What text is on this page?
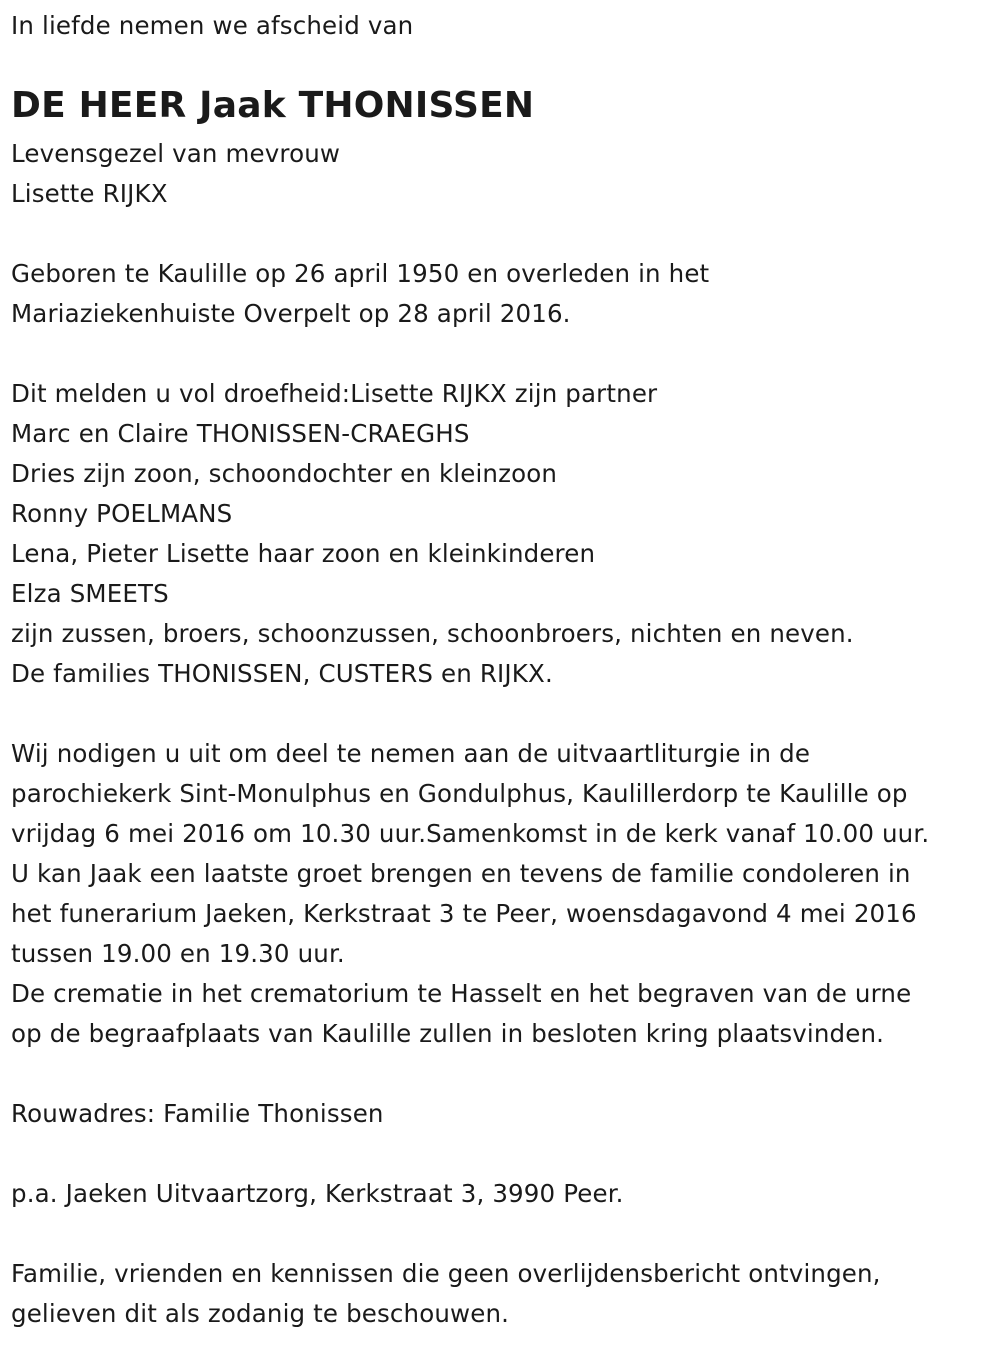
In liefde nemen we afscheid van
DE HEER Jaak THONISSEN
Levensgezel van mevrouw
Lisette RIJKX
Geboren te Kaulille op 26 april 1950 en overleden in het
Mariaziekenhuiste Overpelt op 28 april 2016.
Dit melden u vol droefheid:Lisette RIJKX zijn partner
Marc en Claire THONISSEN-CRAEGHS
Dries zijn zoon, schoondochter en kleinzoon
Ronny POELMANS
Lena, Pieter Lisette haar zoon en kleinkinderen
Elza SMEETS
zijn zussen, broers, schoonzussen, schoonbroers, nichten en neven.
De families THONISSEN, CUSTERS en RIJKX.
Wij nodigen u uit om deel te nemen aan de uitvaartliturgie in de
parochiekerk Sint-Monulphus en Gondulphus, Kaulillerdorp te Kaulille op
vrijdag 6 mei 2016 om 10.30 uur.Samenkomst in de kerk vanaf 10.00 uur.
U kan Jaak een laatste groet brengen en tevens de familie condoleren in
het funerarium Jaeken, Kerkstraat 3 te Peer, woensdagavond 4 mei 2016
tussen 19.00 en 19.30 uur.
De crematie in het crematorium te Hasselt en het begraven van de urne
op de begraafplaats van Kaulille zullen in besloten kring plaatsvinden.
Rouwadres: Familie Thonissen
p.a. Jaeken Uitvaartzorg, Kerkstraat 3, 3990 Peer.
Familie, vrienden en kennissen die geen overlijdensbericht ontvingen,
gelieven dit als zodanig te beschouwen.
